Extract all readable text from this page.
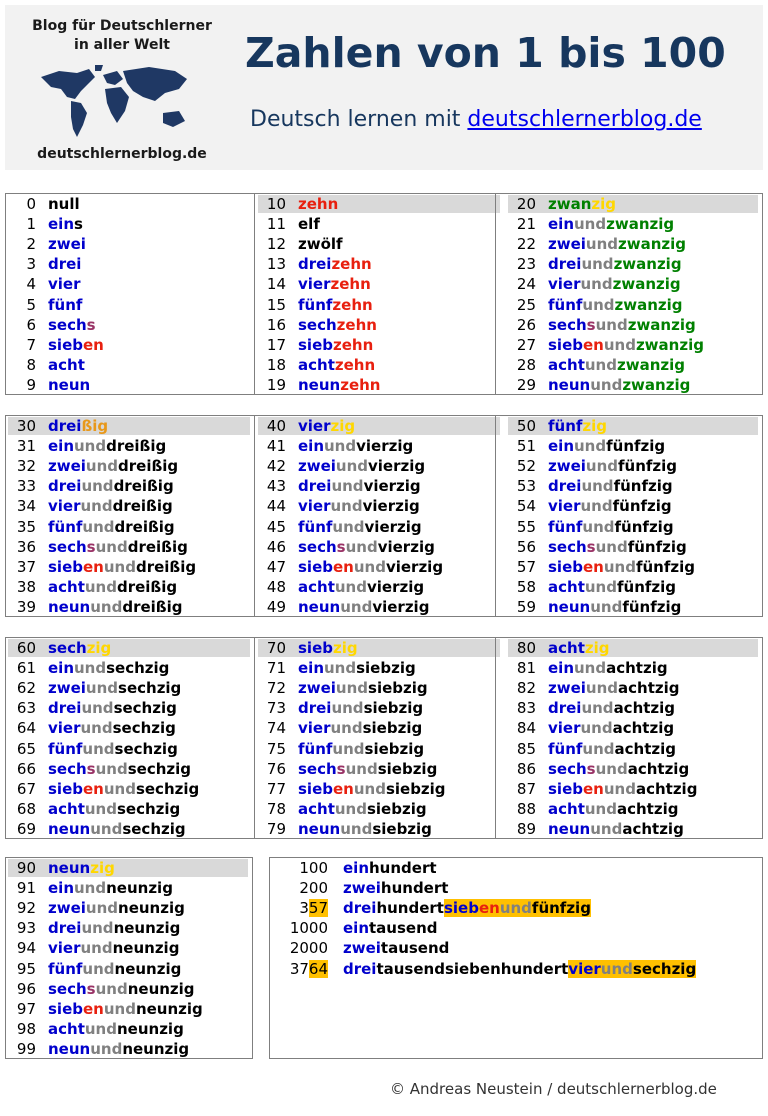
Blog für Deutschlerner
in aller Welt
deutschlernerblog.de
Zahlen von 1 bis 100
Deutsch lernen mit deutschlernerblog.de
0 null
1 eins
2 zwei
3 drei
4 vier
5 fünf
6 sechs
7 sieben
8 acht
9 neun
10 zehn
11 elf
12 zwölf
13 dreizehn
14 vierzehn
15 fünfzehn
16 sechzehn
17 siebzehn
18 achtzehn
19 neunzehn
20 zwanzig
21 einundzwanzig
22 zweiundzwanzig
23 dreiundzwanzig
24 vierundzwanzig
25 fünfundzwanzig
26 sechsundzwanzig
27 siebenundzwanzig
28 achtundzwanzig
29 neunundzwanzig
30 dreißig
31 einunddreißig
32 zweiunddreißig
33 dreiunddreißig
34 vierunddreißig
35 fünfunddreißig
36 sechsunddreißig
37 siebenunddreißig
38 achtunddreißig
39 neununddreißig
40 vierzig
41 einundvierzig
42 zweiundvierzig
43 dreiundvierzig
44 vierundvierzig
45 fünfundvierzig
46 sechsundvierzig
47 siebenundvierzig
48 achtundvierzig
49 neunundvierzig
50 fünfzig
51 einundfünfzig
52 zweiundfünfzig
53 dreiundfünfzig
54 vierundfünfzig
55 fünfundfünfzig
56 sechsundfünfzig
57 siebenundfünfzig
58 achtundfünfzig
59 neunundfünfzig
60 sechzig
61 einundsechzig
62 zweiundsechzig
63 dreiundsechzig
64 vierundsechzig
65 fünfundsechzig
66 sechsundsechzig
67 siebenundsechzig
68 achtundsechzig
69 neunundsechzig
70 siebzig
71 einundsiebzig
72 zweiundsiebzig
73 dreiundsiebzig
74 vierundsiebzig
75 fünfundsiebzig
76 sechsundsiebzig
77 siebenundsiebzig
78 achtundsiebzig
79 neunundsiebzig
80 achtzig
81 einundachtzig
82 zweiundachtzig
83 dreiundachtzig
84 vierundachtzig
85 fünfundachtzig
86 sechsundachtzig
87 siebenundachtzig
88 achtundachtzig
89 neunundachtzig
90 neunzig
91 einundneunzig
92 zweiundneunzig
93 dreiundneunzig
94 vierundneunzig
95 fünfundneunzig
96 sechsundneunzig
97 siebenundneunzig
98 achtundneunzig
99 neunundneunzig
100 einhundert
200 zweihundert
357 dreihundertsiebenundfünfzig
1000 eintausend
2000 zweitausend
3764 dreitausendsiebenhundertvierundsechzig
© Andreas Neustein / deutschlernerblog.de
